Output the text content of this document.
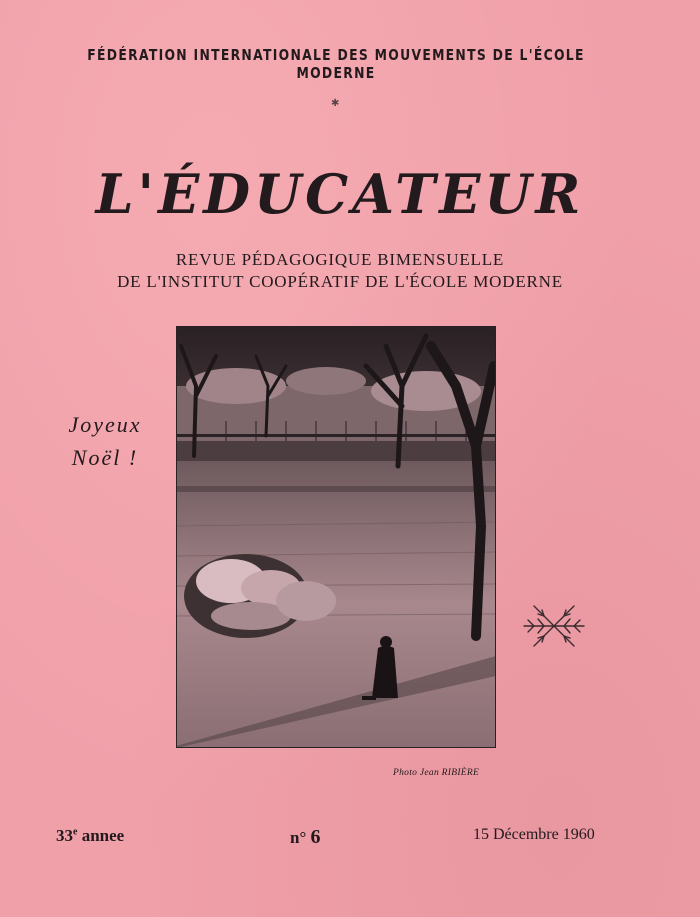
FÉDÉRATION INTERNATIONALE DES MOUVEMENTS DE L'ÉCOLE MODERNE
✱
L'ÉDUCATEUR
REVUE PÉDAGOGIQUE BIMENSUELLE
DE L'INSTITUT COOPÉRATIF DE L'ÉCOLE MODERNE
Joyeux
Noël !
Photo Jean RIBIÈRE
33e annee	n° 6	15 Décembre 1960
